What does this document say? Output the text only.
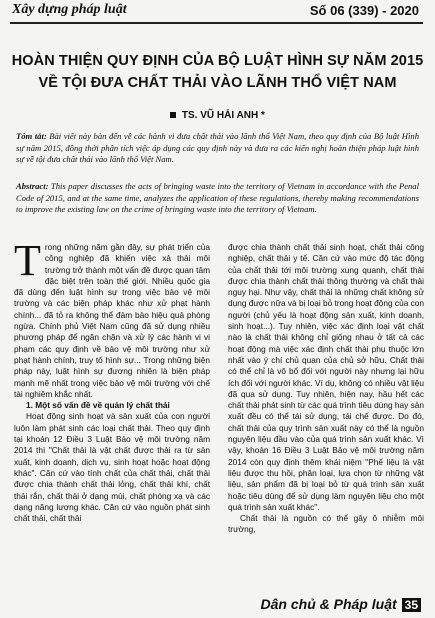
Xây dựng pháp luật	Số 06 (339) - 2020
HOÀN THIỆN QUY ĐỊNH CỦA BỘ LUẬT HÌNH SỰ NĂM 2015
VỀ TỘI ĐƯA CHẤT THẢI VÀO LÃNH THỔ VIỆT NAM
TS. VŨ HẢI ANH *
Tóm tắt: Bài viết này bàn đến về các hành vi đưa chất thải vào lãnh thổ Việt Nam, theo quy định của Bộ luật Hình sự năm 2015, đồng thời phân tích việc áp dụng các quy định này và đưa ra các kiến nghị hoàn thiện pháp luật hình sự về tội đưa chất thải vào lãnh thổ Việt Nam.
Abstract: This paper discusses the acts of bringing waste into the territory of Vietnam in accordance with the Penal Code of 2015, and at the same time, analyzes the application of these regulations, thereby making recommendations to improve the existing law on the crime of bringing waste into the territory of Vietnam.

Trong những năm gần đây, sự phát triển của công nghiệp đã khiến việc xả thải môi trường trở thành một vấn đề được quan tâm đặc biệt trên toàn thế giới. Nhiều quốc gia đã dùng đến luật hình sự trong việc bảo vệ môi trường và các biện pháp khác như xử phạt hành chính... đã tỏ ra không thể đảm bảo hiệu quả phòng ngừa. Chính phủ Việt Nam cũng đã sử dụng nhiều phương pháp để ngăn chặn và xử lý các hành vi vi phạm các quy định về bảo vệ môi trường như xử phạt hành chính, truy tố hình sự... Trong những biện pháp này, luật hình sự đương nhiên là biện pháp mạnh mẽ nhất trong việc bảo vệ môi trường với chế tài nghiêm khắc nhất.

1. Một số vấn đề về quản lý chất thải

Hoạt động sinh hoạt và sản xuất của con người luôn làm phát sinh các loại chất thải. Theo quy định tại khoản 12 Điều 3 Luật Bảo vệ môi trường năm 2014 thì "Chất thải là vật chất được thải ra từ sản xuất, kinh doanh, dịch vụ, sinh hoạt hoặc hoạt động khác". Căn cứ vào tính chất của chất thải, chất thải được chia thành chất thải lỏng, chất thải khí, chất thải rắn, chất thải ở dạng mùi, chất phóng xạ và các dạng năng lượng khác. Căn cứ vào nguồn phát sinh chất thải, chất thải

được chia thành chất thải sinh hoạt, chất thải công nghiệp, chất thải y tế. Căn cứ vào mức độ tác động của chất thải tới môi trường xung quanh, chất thải được chia thành chất thải thông thường và chất thải nguy hại. Như vậy, chất thải là những chất không sử dụng được nữa và bị loại bỏ trong hoạt động của con người (chủ yếu là hoạt động sản xuất, kinh doanh, sinh hoạt...). Tuy nhiên, việc xác định loại vật chất nào là chất thải không chỉ giống nhau ở tất cả các hoạt động mà việc xác định chất thải phụ thuộc lớn nhất vào ý chí chủ quan của chủ sở hữu. Chất thải có thể chỉ là vô bổ đối với người này nhưng lại hữu ích đối với người khác. Ví dụ, không có nhiều vật liệu đã qua sử dụng. Tuy nhiên, hiện nay, hầu hết các chất thải phát sinh từ các quá trình tiêu dùng hay sản xuất đều có thể tái sử dụng, tái chế được. Do đó, chất thải của quy trình sản xuất này có thể là nguồn nguyên liệu đầu vào của quá trình sản xuất khác. Vì vậy, khoản 16 Điều 3 Luật Bảo vệ môi trường năm 2014 còn quy định thêm khái niệm "Phế liệu là vật liệu được thu hồi, phân loại, lựa chọn từ những vật liệu, sản phẩm đã bị loại bỏ từ quá trình sản xuất hoặc tiêu dùng để sử dụng làm nguyên liệu cho một quá trình sản xuất khác".

Chất thải là nguồn có thể gây ô nhiễm môi trường,

Dân chủ & Pháp luật 35
